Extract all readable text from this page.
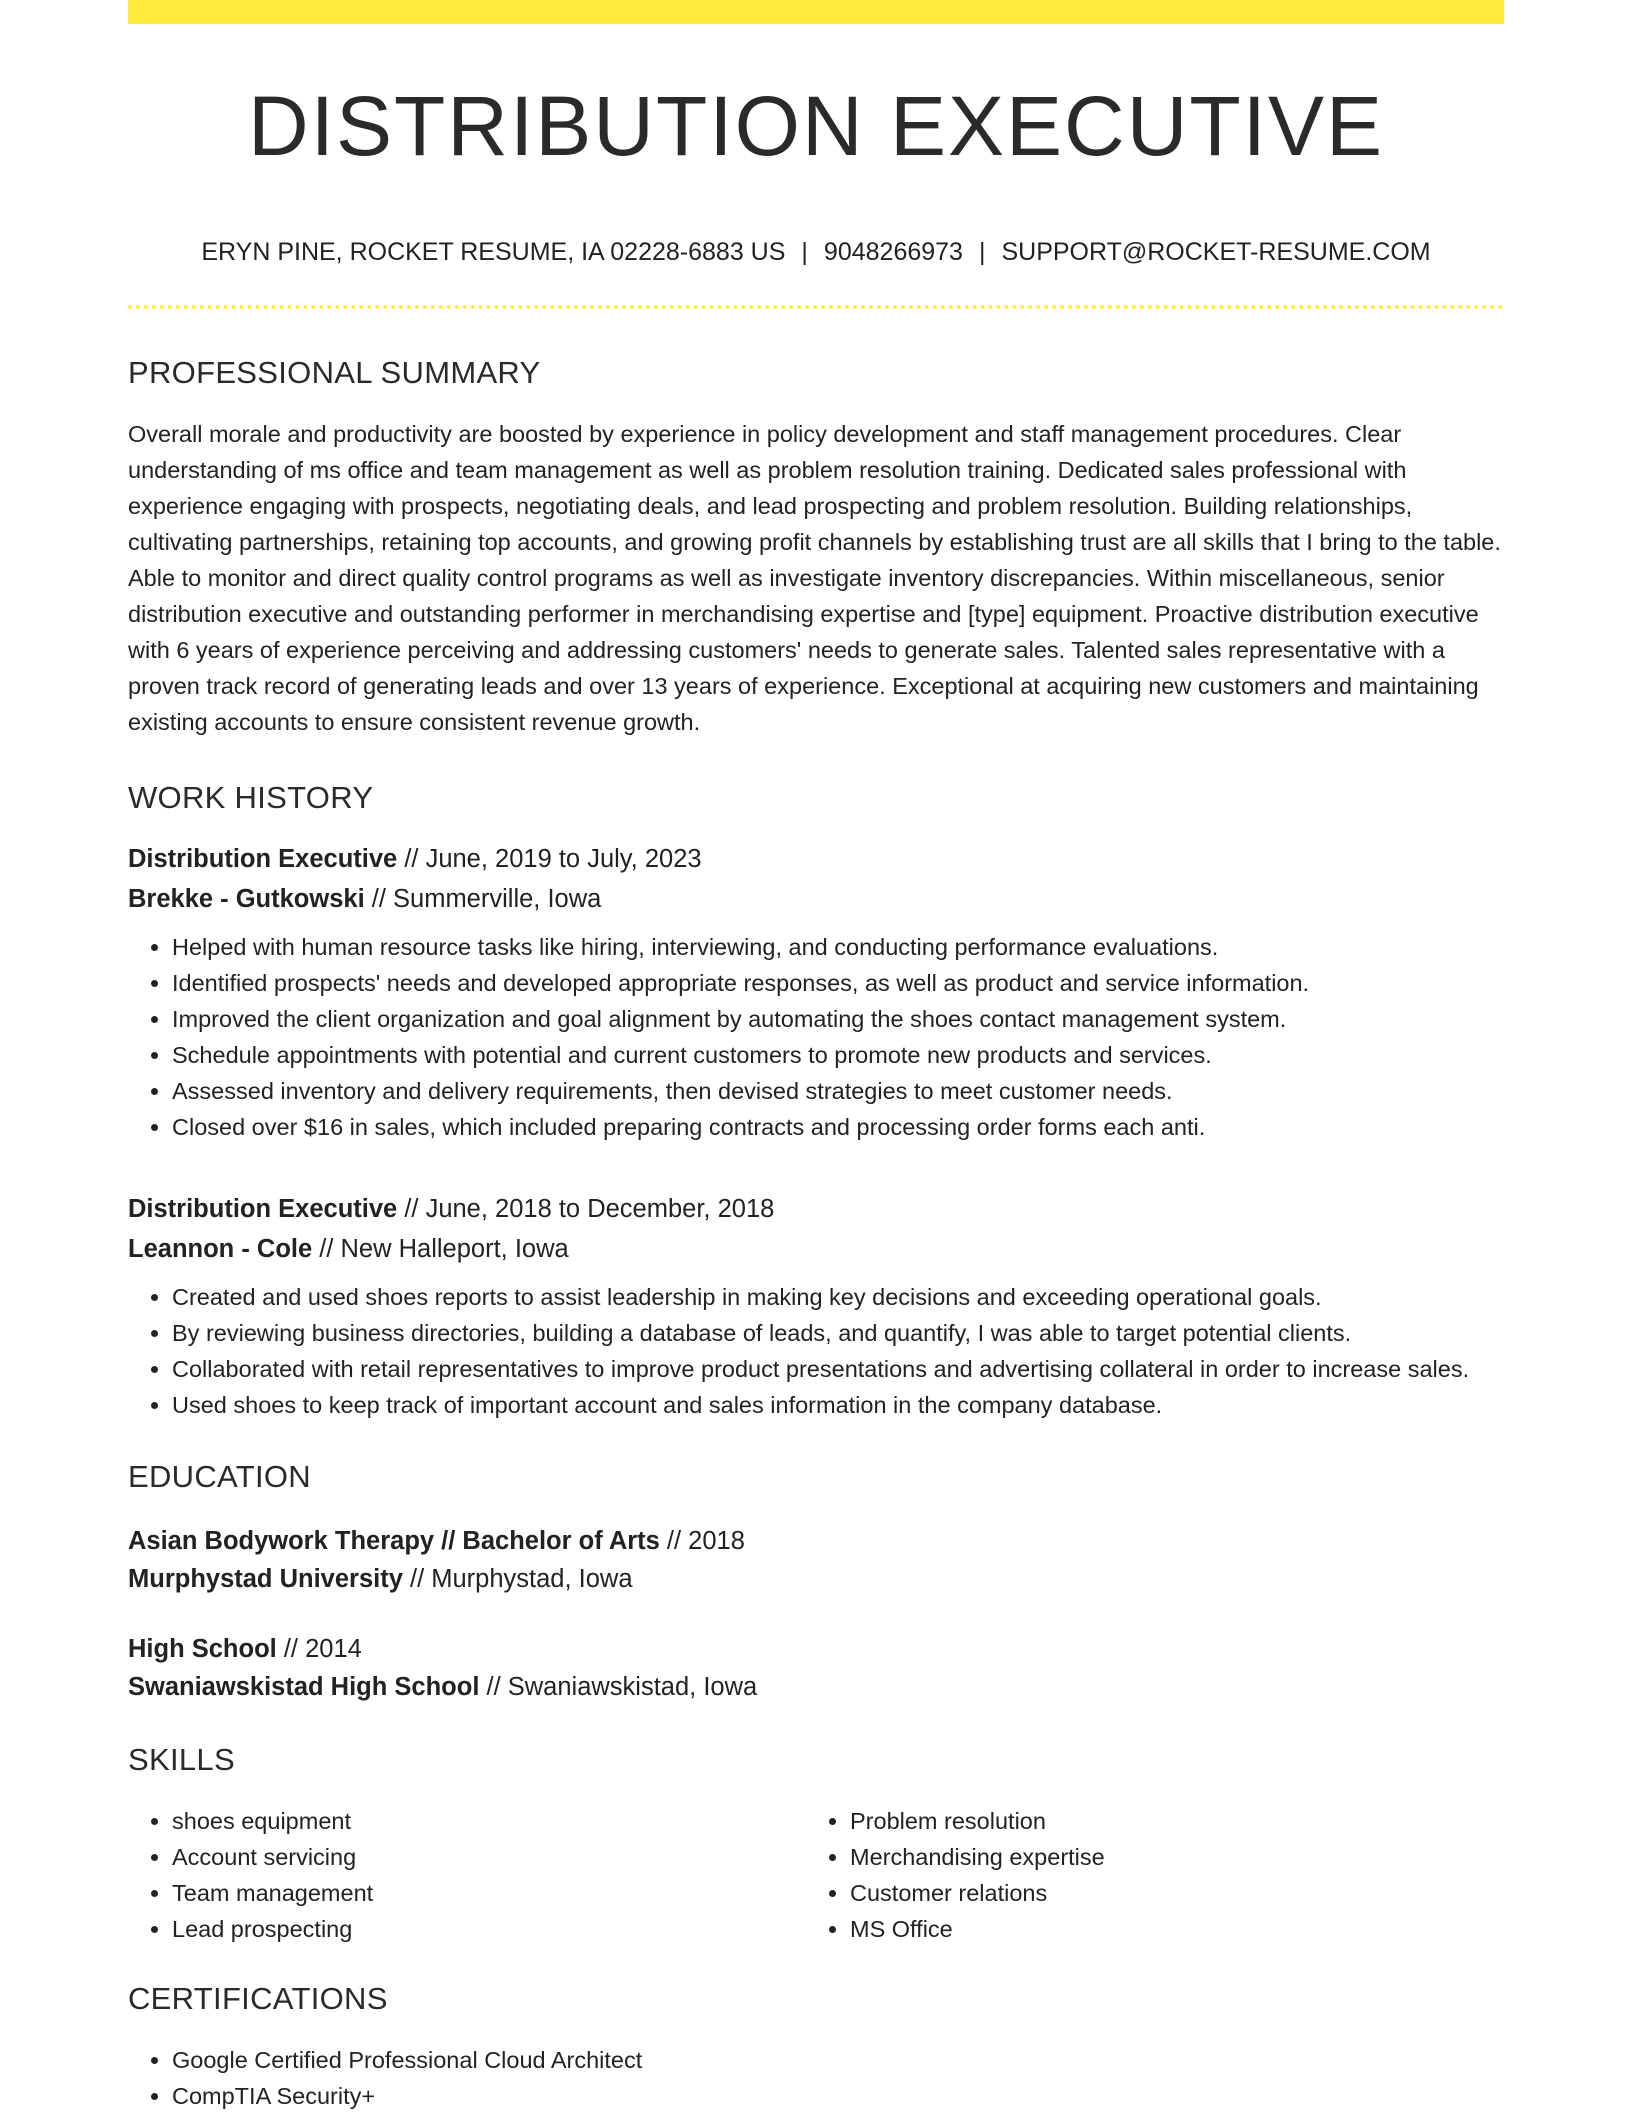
DISTRIBUTION EXECUTIVE
ERYN PINE, ROCKET RESUME, IA 02228-6883 US | 9048266973 | SUPPORT@ROCKET-RESUME.COM
PROFESSIONAL SUMMARY

Overall morale and productivity are boosted by experience in policy development and staff management procedures. Clear understanding of ms office and team management as well as problem resolution training. Dedicated sales professional with experience engaging with prospects, negotiating deals, and lead prospecting and problem resolution. Building relationships, cultivating partnerships, retaining top accounts, and growing profit channels by establishing trust are all skills that I bring to the table. Able to monitor and direct quality control programs as well as investigate inventory discrepancies. Within miscellaneous, senior distribution executive and outstanding performer in merchandising expertise and [type] equipment. Proactive distribution executive with 6 years of experience perceiving and addressing customers' needs to generate sales. Talented sales representative with a proven track record of generating leads and over 13 years of experience. Exceptional at acquiring new customers and maintaining existing accounts to ensure consistent revenue growth.

WORK HISTORY
Distribution Executive // June, 2019 to July, 2023
Brekke - Gutkowski // Summerville, Iowa
• Helped with human resource tasks like hiring, interviewing, and conducting performance evaluations.
• Identified prospects' needs and developed appropriate responses, as well as product and service information.
• Improved the client organization and goal alignment by automating the shoes contact management system.
• Schedule appointments with potential and current customers to promote new products and services.
• Assessed inventory and delivery requirements, then devised strategies to meet customer needs.
• Closed over $16 in sales, which included preparing contracts and processing order forms each anti.
Distribution Executive // June, 2018 to December, 2018
Leannon - Cole // New Halleport, Iowa
• Created and used shoes reports to assist leadership in making key decisions and exceeding operational goals.
• By reviewing business directories, building a database of leads, and quantify, I was able to target potential clients.
• Collaborated with retail representatives to improve product presentations and advertising collateral in order to increase sales.
• Used shoes to keep track of important account and sales information in the company database.
EDUCATION
Asian Bodywork Therapy // Bachelor of Arts // 2018
Murphystad University // Murphystad, Iowa
High School // 2014
Swaniawskistad High School // Swaniawskistad, Iowa
SKILLS
• shoes equipment
• Account servicing
• Team management
• Lead prospecting
• Problem resolution
• Merchandising expertise
• Customer relations
• MS Office
CERTIFICATIONS
• Google Certified Professional Cloud Architect
• CompTIA Security+
